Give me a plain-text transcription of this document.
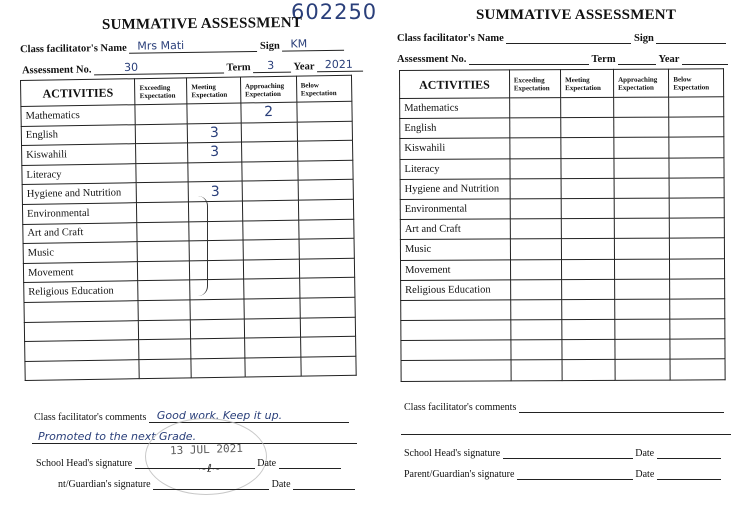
602250
SUMMATIVE ASSESSMENT
Class facilitator's Name Mrs Mati	Sign KM
Assessment No.	30	Term 3 Year 2021
ACTIVITIES	Exceeding Expectation	Meeting Expectation	Approaching Expectation	Below Expectation
Mathematics			2	
English		3		
Kiswahili		3		
Literacy				
Hygiene and Nutrition		3		
Environmental				
Art and Craft				
Music				
Movement				
Religious Education				

Class facilitator's comments Good work. Keep it up.
Promoted to the next Grade.
13 JUL 2021
~ℓ~
School Head's signature	Date
nt/Guardian's signature	Date
SUMMATIVE ASSESSMENT
Class facilitator's Name	Sign
Assessment No.	Term	Year
ACTIVITIES	Exceeding Expectation	Meeting Expectation	Approaching Expectation	Below Expectation
Mathematics				
English				
Kiswahili				
Literacy				
Hygiene and Nutrition				
Environmental				
Art and Craft				
Music				
Movement				
Religious Education				

Class facilitator's comments
School Head's signature	Date
Parent/Guardian's signature	Date
